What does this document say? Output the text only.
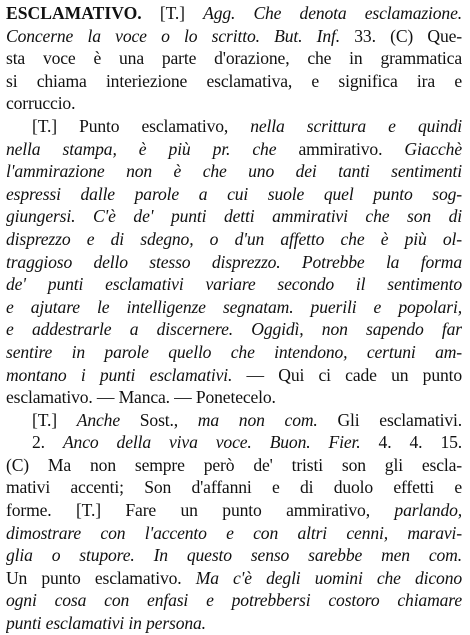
ESCLAMATIVO. [T.] Agg. Che denota esclamazione.
Concerne la voce o lo scritto. But. Inf. 33. (C) Que-
sta voce è una parte d'orazione, che in grammatica
si chiama interiezione esclamativa, e significa ira e
corruccio.
[T.] Punto esclamativo, nella scrittura e quindi
nella stampa, è più pr. che ammirativo. Giacchè
l'ammirazione non è che uno dei tanti sentimenti
espressi dalle parole a cui suole quel punto sog-
giungersi. C'è de' punti detti ammirativi che son di
disprezzo e di sdegno, o d'un affetto che è più ol-
traggioso dello stesso disprezzo. Potrebbe la forma
de' punti esclamativi variare secondo il sentimento
e ajutare le intelligenze segnatam. puerili e popolari,
e addestrarle a discernere. Oggidì, non sapendo far
sentire in parole quello che intendono, certuni am-
montano i punti esclamativi. — Qui ci cade un punto
esclamativo. — Manca. — Ponetecelo.
[T.] Anche Sost., ma non com. Gli esclamativi.
2. Anco della viva voce. Buon. Fier. 4. 4. 15.
(C) Ma non sempre però de' tristi son gli escla-
mativi accenti; Son d'affanni e di duolo effetti e
forme. [T.] Fare un punto ammirativo, parlando,
dimostrare con l'accento e con altri cenni, maravi-
glia o stupore. In questo senso sarebbe men com.
Un punto esclamativo. Ma c'è degli uomini che dicono
ogni cosa con enfasi e potrebbersi costoro chiamare
punti esclamativi in persona.
